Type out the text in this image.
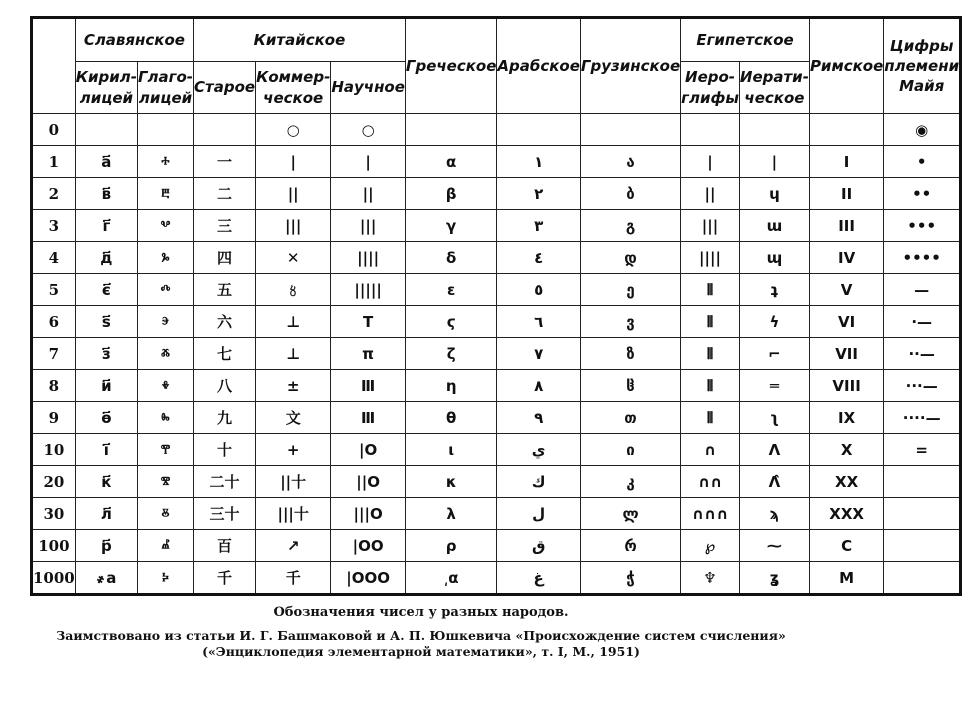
	Славянское		Китайское			Греческое	Арабское	Грузинское	Египетское		Римское	Цифры племени Майя
	Кирил-лицей	Глаго-лицей	Старое	Коммер-ческое	Научное				Иеро-глифы	Иерати-ческое		
0				○	○							◉
1	а҃	ⰰ	一	|	|	α	١	ა	|	|	I	•
2	в҃	ⰱ	二	||	||	β	٢	ბ	||	ɥ	II	••
3	г҃	ⰲ	三	|||	|||	γ	٣	გ	|||	ɯ	III	•••
4	д҃	ⰳ	四	✕	||||	δ	٤	დ	||||	ɰ	IV	••••
5	є҃	ⰴ	五	〥	|||||	ε	٥	ე	⦀	ʇ	V	—
6	ѕ҃	ⰵ	六	⊥	T	ϛ	٦	ვ	⦀	ϟ	VI	·—
7	з҃	ⰶ	七	⊥	π	ζ	٧	ზ	⦀	⌐	VII	··—
8	и҃	ⰷ	八	±	Ⅲ	η	٨	ჱ	⦀	═	VIII	···—
9	ѳ҃	ⰸ	九	文	Ⅲ	θ	٩	თ	⦀	ʅ	IX	····—
10	і҃	ⰹ	十	+	|O	ι	ي	ი	∩	Λ	X	=
20	к҃	ⰺ	二十	||十	||O	κ	ك	კ	∩∩	Λ̂	XX	
30	л҃	ⰻ	三十	|||十	|||O	λ	ل	ლ	∩∩∩	ϡ	XXX	
100	р҃	ⰼ	百	↗	|OO	ρ	ق	რ	℘	⁓	C	
1000	҂а	ⰽ	千	千	|OOO	͵α	غ	ჭ	♆	ʓ	M	
Обозначения чисел у разных народов.
Заимствовано из статьи И. Г. Башмаковой и А. П. Юшкевича «Происхождение систем счисления» («Энциклопедия элементарной математики», т. I, М., 1951)
